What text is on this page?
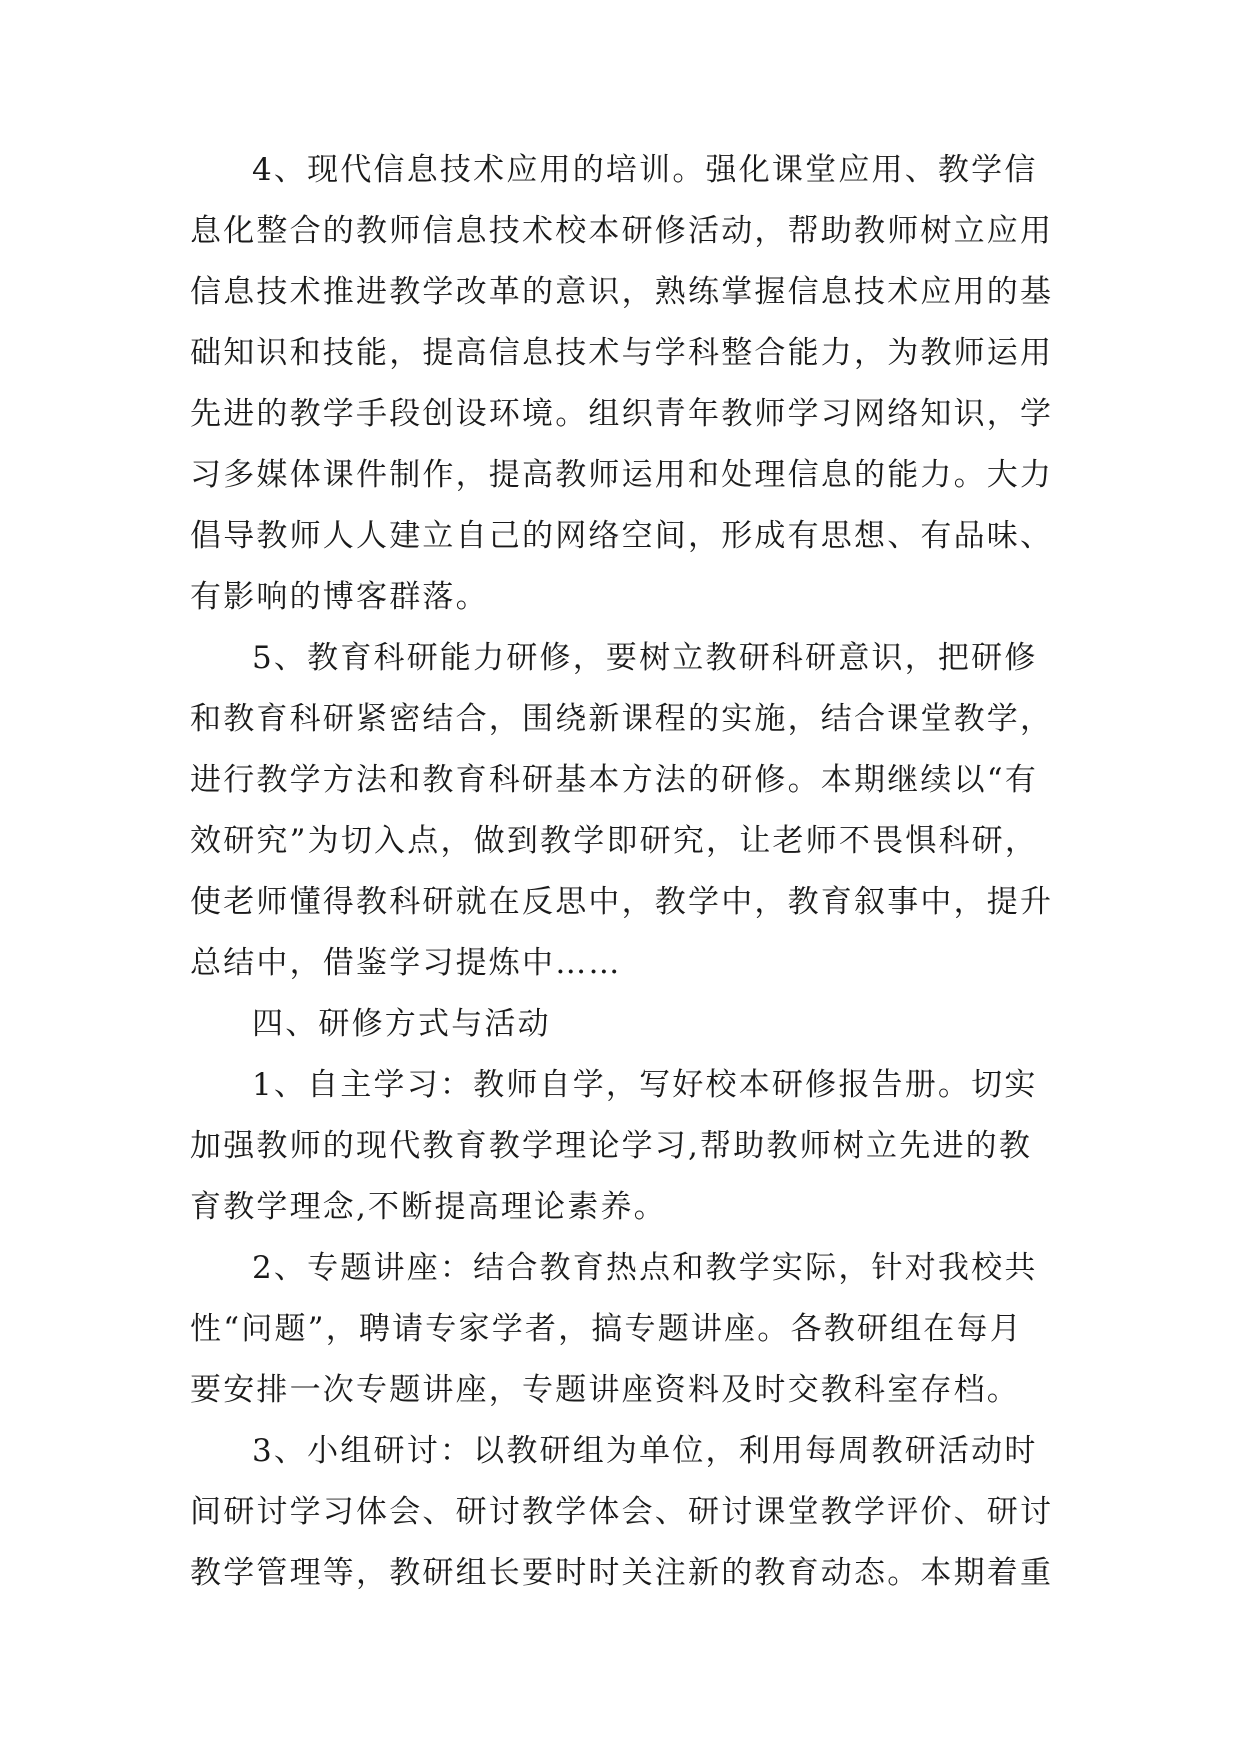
4、现代信息技术应用的培训。强化课堂应用、教学信
息化整合的教师信息技术校本研修活动，帮助教师树立应用
信息技术推进教学改革的意识，熟练掌握信息技术应用的基
础知识和技能，提高信息技术与学科整合能力，为教师运用
先进的教学手段创设环境。组织青年教师学习网络知识，学
习多媒体课件制作，提高教师运用和处理信息的能力。大力
倡导教师人人建立自己的网络空间，形成有思想、有品味、
有影响的博客群落。
5、教育科研能力研修，要树立教研科研意识，把研修
和教育科研紧密结合，围绕新课程的实施，结合课堂教学，
进行教学方法和教育科研基本方法的研修。本期继续以“有
效研究”为切入点，做到教学即研究，让老师不畏惧科研，
使老师懂得教科研就在反思中，教学中，教育叙事中，提升
总结中，借鉴学习提炼中……
四、研修方式与活动
1、自主学习：教师自学，写好校本研修报告册。切实
加强教师的现代教育教学理论学习,帮助教师树立先进的教
育教学理念,不断提高理论素养。
2、专题讲座：结合教育热点和教学实际，针对我校共
性“问题”，聘请专家学者，搞专题讲座。各教研组在每月
要安排一次专题讲座，专题讲座资料及时交教科室存档。
3、小组研讨：以教研组为单位，利用每周教研活动时
间研讨学习体会、研讨教学体会、研讨课堂教学评价、研讨
教学管理等，教研组长要时时关注新的教育动态。本期着重
